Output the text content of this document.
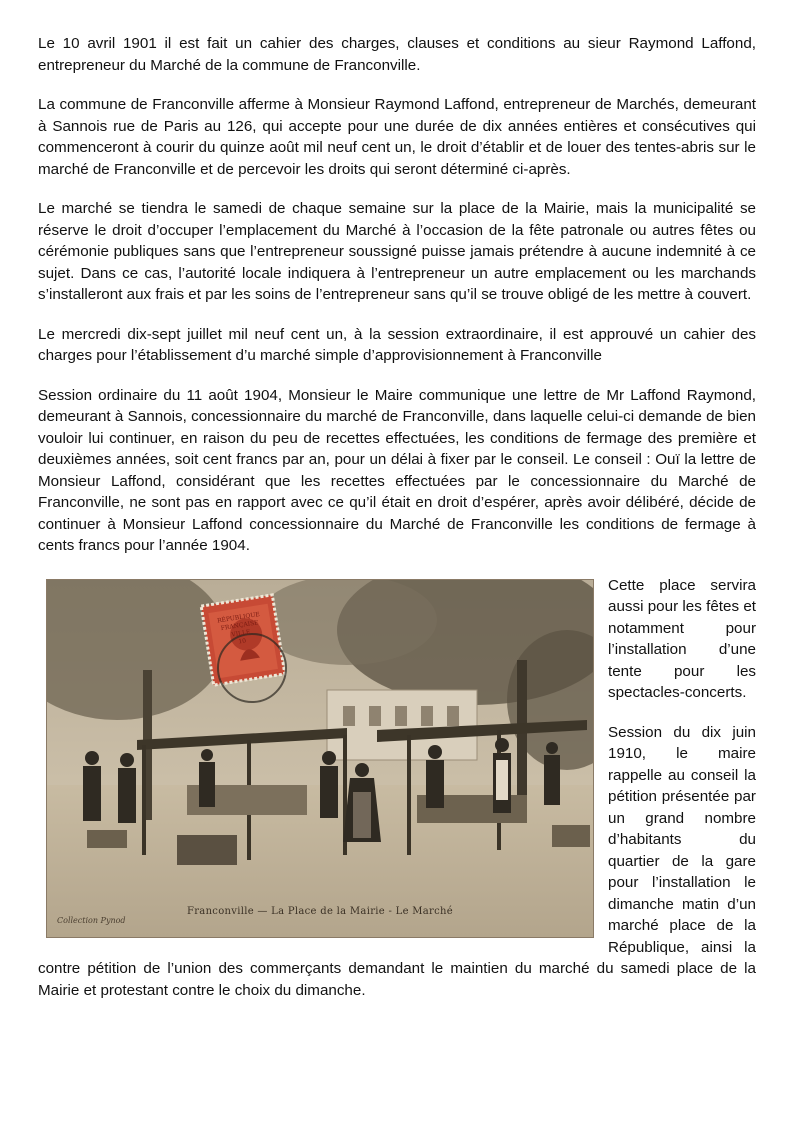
Le 10 avril 1901 il est fait un cahier des charges, clauses et conditions au sieur Raymond Laffond, entrepreneur du Marché de la commune de Franconville.

La commune de Franconville afferme à Monsieur Raymond Laffond, entrepreneur de Marchés, demeurant à Sannois rue de Paris au 126, qui accepte pour une durée de dix années entières et consécutives qui commenceront à courir du quinze août mil neuf cent un, le droit d’établir et de louer des tentes-abris sur le marché de Franconville et de percevoir les droits qui seront déterminé ci-après.

Le marché se tiendra le samedi de chaque semaine sur la place de la Mairie, mais la municipalité se réserve le droit d’occuper l’emplacement du Marché à l’occasion de la fête patronale ou autres fêtes ou cérémonie publiques sans que l’entrepreneur soussigné puisse jamais prétendre à aucune indemnité à ce sujet. Dans ce cas, l’autorité locale indiquera à l’entrepreneur un autre emplacement ou les marchands s’installeront aux frais et par les soins de l’entrepreneur sans qu’il se trouve obligé de les mettre à couvert.

Le mercredi dix-sept juillet mil neuf cent un, à la session extraordinaire, il est approuvé un cahier des charges pour l’établissement d’u marché simple d’approvisionnement à Franconville

Session ordinaire du 11 août 1904, Monsieur le Maire communique une lettre de Mr Laffond Raymond, demeurant à Sannois, concessionnaire du marché de Franconville, dans laquelle celui-ci demande de bien vouloir lui continuer, en raison du peu de recettes effectuées, les conditions de fermage des première et deuxièmes années, soit cent francs par an, pour un délai à fixer par le conseil. Le conseil : Ouï la lettre de Monsieur Laffond, considérant que les recettes effectuées par le concessionnaire du Marché de Franconville, ne sont pas en rapport avec ce qu’il était en droit d’espérer, après avoir délibéré, décide de continuer à Monsieur Laffond concessionnaire du Marché de Franconville les conditions de fermage à cents francs pour l’année 1904.

RÉPUBLIQUE FRANÇAISE
VILLE
10
Collection Pynod
Franconville — La Place de la Mairie - Le Marché

Cette place servira aussi pour les fêtes et notamment pour l’installation d’une tente pour les spectacles-concerts.

Session du dix juin 1910, le maire rappelle au conseil la pétition présentée par un grand nombre d’habitants du quartier de la gare pour l’installation le dimanche matin d’un marché place de la République, ainsi la contre pétition de l’union des commerçants demandant le maintien du marché du samedi place de la Mairie et protestant contre le choix du dimanche.
